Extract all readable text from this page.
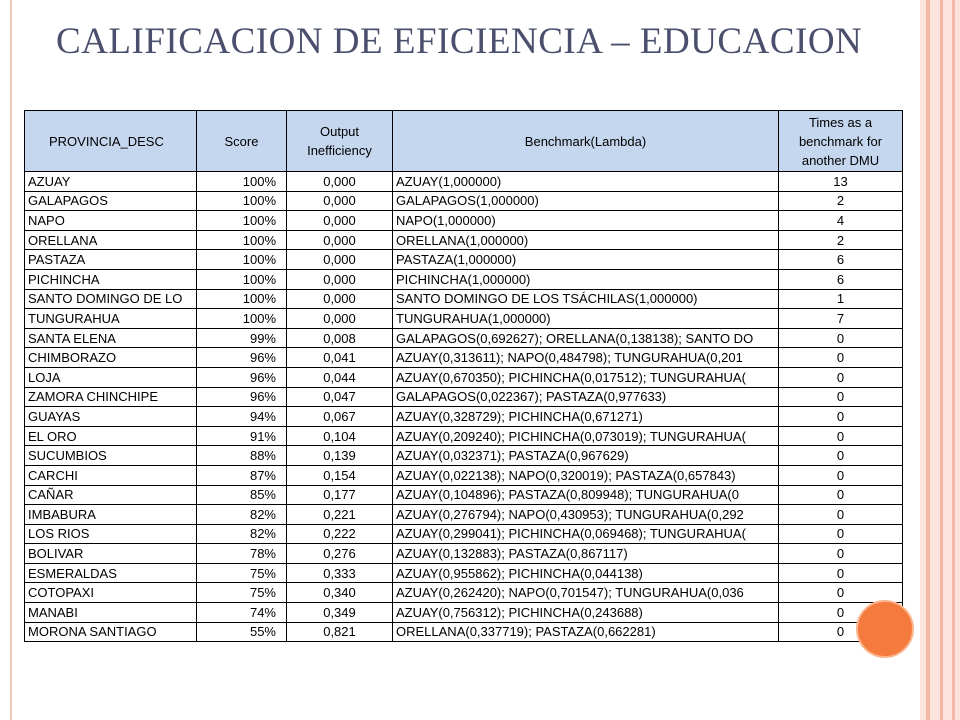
CALIFICACION DE EFICIENCIA – EDUCACION
PROVINCIA_DESC	Score	Output Inefficiency	Benchmark(Lambda)	Times as a benchmark for another DMU
AZUAY	100%	0,000	AZUAY(1,000000)	13
GALAPAGOS	100%	0,000	GALAPAGOS(1,000000)	2
NAPO	100%	0,000	NAPO(1,000000)	4
ORELLANA	100%	0,000	ORELLANA(1,000000)	2
PASTAZA	100%	0,000	PASTAZA(1,000000)	6
PICHINCHA	100%	0,000	PICHINCHA(1,000000)	6
SANTO DOMINGO DE LO	100%	0,000	SANTO DOMINGO DE LOS TSÁCHILAS(1,000000)	1
TUNGURAHUA	100%	0,000	TUNGURAHUA(1,000000)	7
SANTA ELENA	99%	0,008	GALAPAGOS(0,692627); ORELLANA(0,138138); SANTO DO	0
CHIMBORAZO	96%	0,041	AZUAY(0,313611); NAPO(0,484798); TUNGURAHUA(0,201	0
LOJA	96%	0,044	AZUAY(0,670350); PICHINCHA(0,017512); TUNGURAHUA(	0
ZAMORA CHINCHIPE	96%	0,047	GALAPAGOS(0,022367); PASTAZA(0,977633)	0
GUAYAS	94%	0,067	AZUAY(0,328729); PICHINCHA(0,671271)	0
EL ORO	91%	0,104	AZUAY(0,209240); PICHINCHA(0,073019); TUNGURAHUA(	0
SUCUMBIOS	88%	0,139	AZUAY(0,032371); PASTAZA(0,967629)	0
CARCHI	87%	0,154	AZUAY(0,022138); NAPO(0,320019); PASTAZA(0,657843)	0
CAÑAR	85%	0,177	AZUAY(0,104896); PASTAZA(0,809948); TUNGURAHUA(0	0
IMBABURA	82%	0,221	AZUAY(0,276794); NAPO(0,430953); TUNGURAHUA(0,292	0
LOS RIOS	82%	0,222	AZUAY(0,299041); PICHINCHA(0,069468); TUNGURAHUA(	0
BOLIVAR	78%	0,276	AZUAY(0,132883); PASTAZA(0,867117)	0
ESMERALDAS	75%	0,333	AZUAY(0,955862); PICHINCHA(0,044138)	0
COTOPAXI	75%	0,340	AZUAY(0,262420); NAPO(0,701547); TUNGURAHUA(0,036	0
MANABI	74%	0,349	AZUAY(0,756312); PICHINCHA(0,243688)	0
MORONA SANTIAGO	55%	0,821	ORELLANA(0,337719); PASTAZA(0,662281)	0
